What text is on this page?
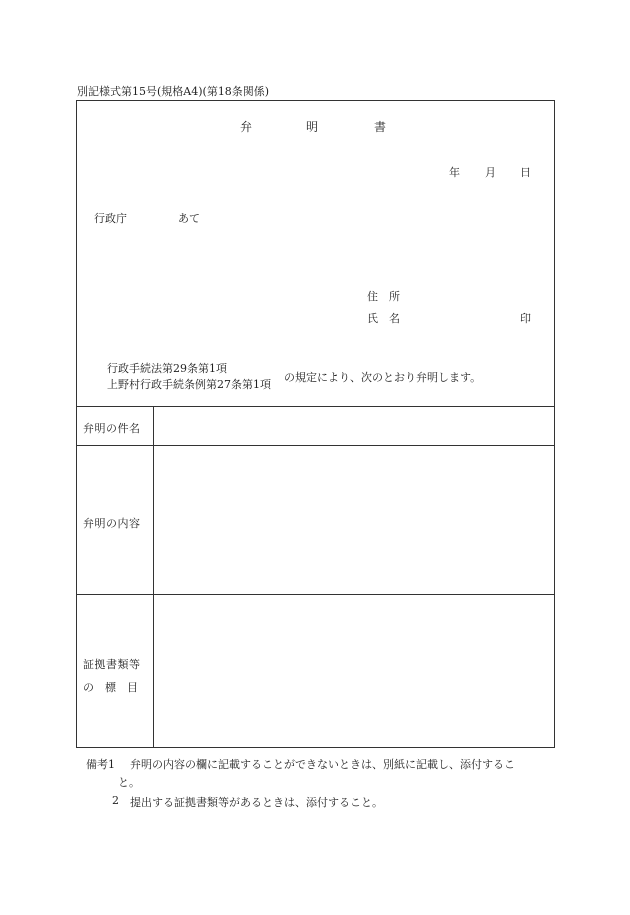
別記様式第15号(規格A4)(第18条関係)
弁	明	書
年 月 日
行政庁	あて
住　所
氏　名	印
行政手続法第29条第1項
上野村行政手続条例第27条第1項
の規定により、次のとおり弁明します。
弁明の件名
弁明の内容
証拠書類等
の　標　目
備考1 弁明の内容の欄に記載することができないときは、別紙に記載し、添付するこ
と。
2 提出する証拠書類等があるときは、添付すること。
